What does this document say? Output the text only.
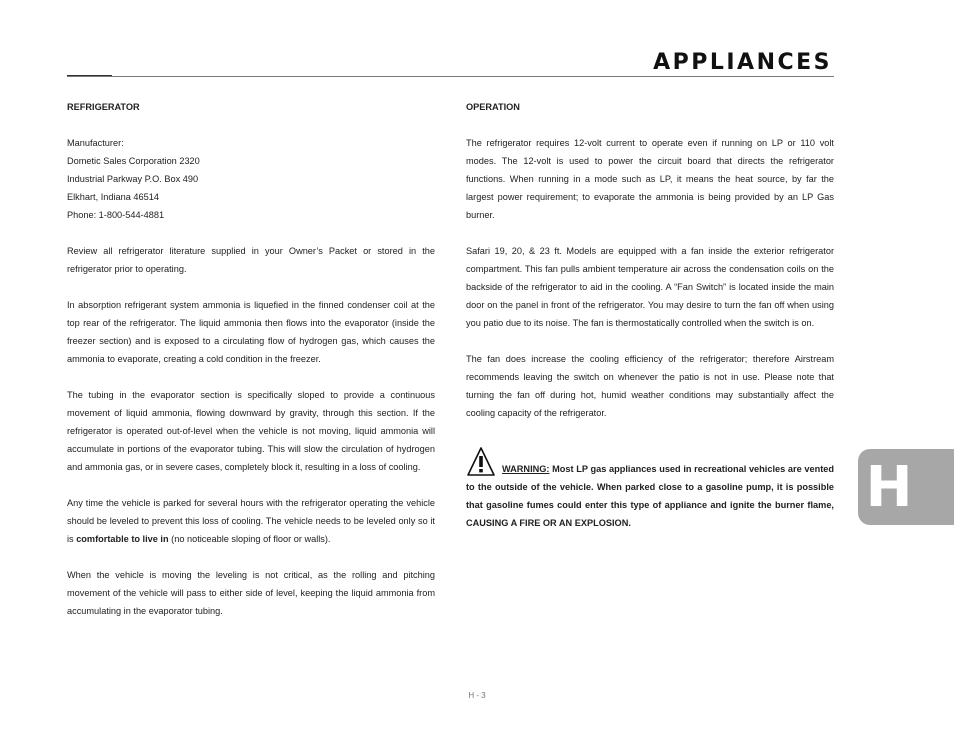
APPLIANCES

REFRIGERATOR

Manufacturer:

Dometic Sales Corporation 2320

Industrial Parkway P.O. Box 490

Elkhart, Indiana 46514

Phone: 1-800-544-4881

Review all refrigerator literature supplied in your Owner’s Packet or stored in the refrigerator prior to operating.

In absorption refrigerant system ammonia is liquefied in the finned condenser coil at the top rear of the refrigerator. The liquid ammonia then flows into the evaporator (inside the freezer section) and is exposed to a circulating flow of hydrogen gas, which causes the ammonia to evaporate, creating a cold condition in the freezer.

The tubing in the evaporator section is specifically sloped to provide a continuous movement of liquid ammonia, flowing downward by gravity, through this section. If the refrigerator is operated out-of-level when the vehicle is not moving, liquid ammonia will accumulate in portions of the evaporator tubing. This will slow the circulation of hydrogen and ammonia gas, or in severe cases, completely block it, resulting in a loss of cooling.

Any time the vehicle is parked for several hours with the refrigerator operating the vehicle should be leveled to prevent this loss of cooling. The vehicle needs to be leveled only so it is comfortable to live in (no noticeable sloping of floor or walls).

When the vehicle is moving the leveling is not critical, as the rolling and pitching movement of the vehicle will pass to either side of level, keeping the liquid ammonia from accumulating in the evaporator tubing.

OPERATION

The refrigerator requires 12-volt current to operate even if running on LP or 110 volt modes. The 12-volt is used to power the circuit board that directs the refrigerator functions. When running in a mode such as LP, it means the heat source, by far the largest power requirement; to evaporate the ammonia is being provided by an LP Gas burner.

Safari 19, 20, & 23 ft. Models are equipped with a fan inside the exterior refrigerator compartment. This fan pulls ambient temperature air across the condensation coils on the backside of the refrigerator to aid in the cooling. A “Fan Switch” is located inside the main door on the panel in front of the refrigerator. You may desire to turn the fan off when using you patio due to its noise. The fan is thermostatically controlled when the switch is on.

The fan does increase the cooling efficiency of the refrigerator; therefore Airstream recommends leaving the switch on whenever the patio is not in use. Please note that turning the fan off during hot, humid weather conditions may substantially affect the cooling capacity of the refrigerator.

WARNING: Most LP gas appliances used in recreational vehicles are vented to the outside of the vehicle. When parked close to a gasoline pump, it is possible that gasoline fumes could enter this type of appliance and ignite the burner flame, CAUSING A FIRE OR AN EXPLOSION.

H
H - 3
